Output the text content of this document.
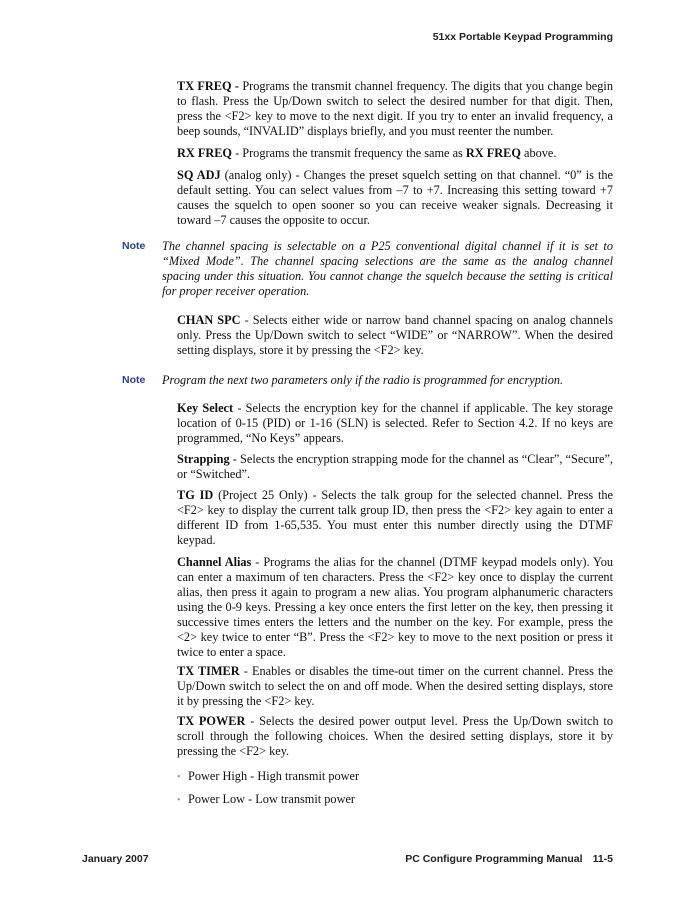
51xx Portable Keypad Programming

TX FREQ - Programs the transmit channel frequency. The digits that you change begin to flash. Press the Up/Down switch to select the desired number for that digit. Then, press the <F2> key to move to the next digit. If you try to enter an invalid frequency, a beep sounds, “INVALID” displays briefly, and you must reenter the number.

RX FREQ - Programs the transmit frequency the same as RX FREQ above.

SQ ADJ (analog only) - Changes the preset squelch setting on that channel. “0” is the default setting. You can select values from –7 to +7. Increasing this setting toward +7 causes the squelch to open sooner so you can receive weaker signals. Decreasing it toward –7 causes the opposite to occur.

Note The channel spacing is selectable on a P25 conventional digital channel if it is set to “Mixed Mode”. The channel spacing selections are the same as the analog channel spacing under this situation. You cannot change the squelch because the setting is critical for proper receiver operation.

CHAN SPC - Selects either wide or narrow band channel spacing on analog channels only. Press the Up/Down switch to select “WIDE” or “NARROW”. When the desired setting displays, store it by pressing the <F2> key.

Note Program the next two parameters only if the radio is programmed for encryption.

Key Select - Selects the encryption key for the channel if applicable. The key storage location of 0-15 (PID) or 1-16 (SLN) is selected. Refer to Section 4.2. If no keys are programmed, “No Keys” appears.

Strapping - Selects the encryption strapping mode for the channel as “Clear”, “Secure”, or “Switched”.

TG ID (Project 25 Only) - Selects the talk group for the selected channel. Press the <F2> key to display the current talk group ID, then press the <F2> key again to enter a different ID from 1-65,535. You must enter this number directly using the DTMF keypad.

Channel Alias - Programs the alias for the channel (DTMF keypad models only). You can enter a maximum of ten characters. Press the <F2> key once to display the current alias, then press it again to program a new alias. You program alphanumeric characters using the 0-9 keys. Pressing a key once enters the first letter on the key, then pressing it successive times enters the letters and the number on the key. For example, press the <2> key twice to enter “B”. Press the <F2> key to move to the next position or press it twice to enter a space.

TX TIMER - Enables or disables the time-out timer on the current channel. Press the Up/Down switch to select the on and off mode. When the desired setting displays, store it by pressing the <F2> key.

TX POWER - Selects the desired power output level. Press the Up/Down switch to scroll through the following choices. When the desired setting displays, store it by pressing the <F2> key.

• Power High - High transmit power

• Power Low - Low transmit power

January 2007	PC Configure Programming Manual 11-5
